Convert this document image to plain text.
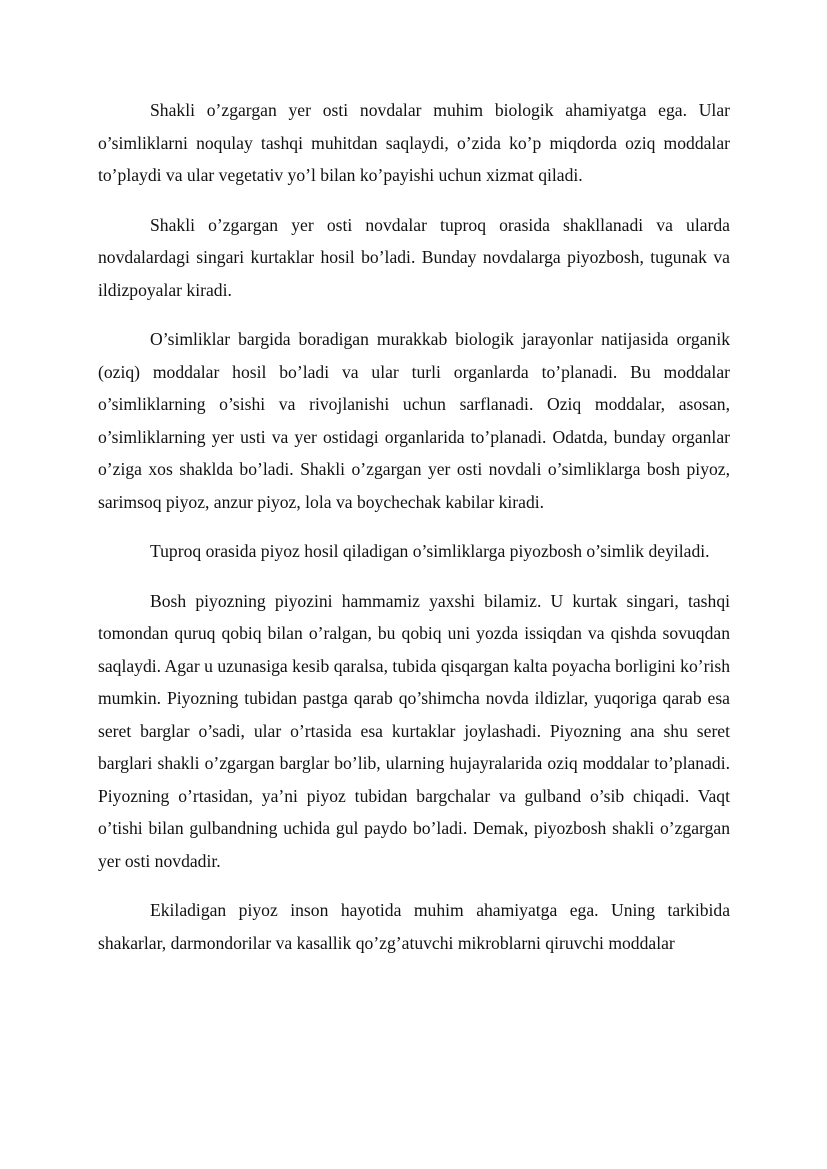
Shakli o’zgargan yer osti novdalar muhim biologik ahamiyatga ega. Ular o’simliklarni noqulay tashqi muhitdan saqlaydi, o’zida ko’p miqdorda oziq moddalar to’playdi va ular vegetativ yo’l bilan ko’payishi uchun xizmat qiladi.

Shakli o’zgargan yer osti novdalar tuproq orasida shakllanadi va ularda novdalardagi singari kurtaklar hosil bo’ladi. Bunday novdalarga piyozbosh, tugunak va ildizpoyalar kiradi.

O’simliklar bargida boradigan murakkab biologik jarayonlar natijasida organik (oziq) moddalar hosil bo’ladi va ular turli organlarda to’planadi. Bu moddalar o’simliklarning o’sishi va rivojlanishi uchun sarflanadi. Oziq moddalar, asosan, o’simliklarning yer usti va yer ostidagi organlarida to’planadi. Odatda, bunday organlar o’ziga xos shaklda bo’ladi. Shakli o’zgargan yer osti novdali o’simliklarga bosh piyoz, sarimsoq piyoz, anzur piyoz, lola va boychechak kabilar kiradi.

Tuproq orasida piyoz hosil qiladigan o’simliklarga piyozbosh o’simlik deyiladi.

Bosh piyozning piyozini hammamiz yaxshi bilamiz. U kurtak singari, tashqi tomondan quruq qobiq bilan o’ralgan, bu qobiq uni yozda issiqdan va qishda sovuqdan saqlaydi. Agar u uzunasiga kesib qaralsa, tubida qisqargan kalta poyacha borligini ko’rish mumkin. Piyozning tubidan pastga qarab qo’shimcha novda ildizlar, yuqoriga qarab esa seret barglar o’sadi, ular o’rtasida esa kurtaklar joylashadi. Piyozning ana shu seret barglari shakli o’zgargan barglar bo’lib, ularning hujayralarida oziq moddalar to’planadi. Piyozning o’rtasidan, ya’ni piyoz tubidan bargchalar va gulband o’sib chiqadi. Vaqt o’tishi bilan gulbandning uchida gul paydo bo’ladi. Demak, piyozbosh shakli o’zgargan yer osti novdadir.

Ekiladigan piyoz inson hayotida muhim ahamiyatga ega. Uning tarkibida shakarlar, darmondorilar va kasallik qo’zg’atuvchi mikroblarni qiruvchi moddalar
